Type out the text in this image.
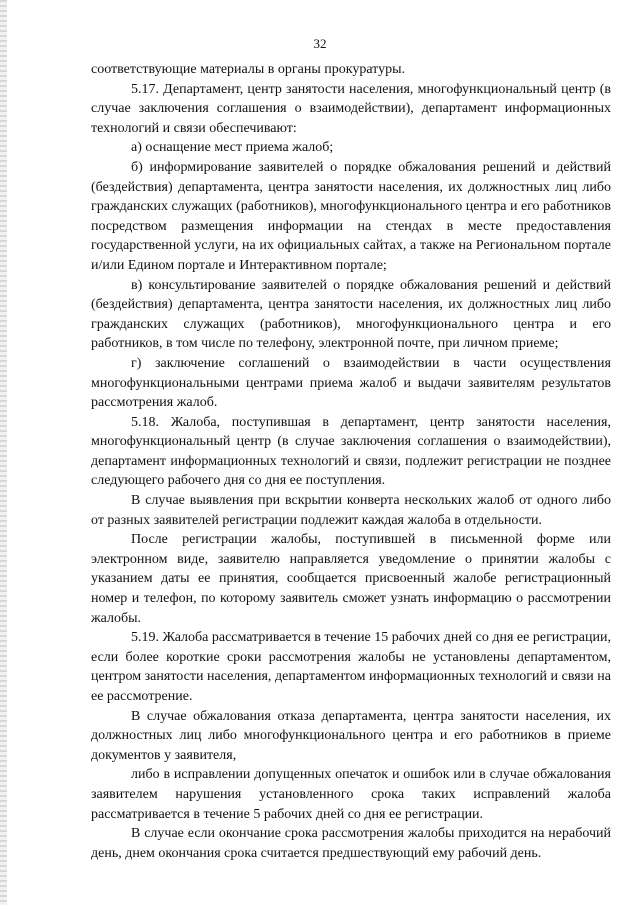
32

соответствующие материалы в органы прокуратуры.

5.17. Департамент, центр занятости населения, многофункциональный центр (в случае заключения соглашения о взаимодействии), департамент информационных технологий и связи обеспечивают:

а) оснащение мест приема жалоб;

б) информирование заявителей о порядке обжалования решений и действий (бездействия) департамента, центра занятости населения, их должностных лиц либо гражданских служащих (работников), многофункционального центра и его работников посредством размещения информации на стендах в месте предоставления государственной услуги, на их официальных сайтах, а также на Региональном портале и/или Едином портале и Интерактивном портале;

в) консультирование заявителей о порядке обжалования решений и действий (бездействия) департамента, центра занятости населения, их должностных лиц либо гражданских служащих (работников), многофункционального центра и его работников, в том числе по телефону, электронной почте, при личном приеме;

г) заключение соглашений о взаимодействии в части осуществления многофункциональными центрами приема жалоб и выдачи заявителям результатов рассмотрения жалоб.

5.18. Жалоба, поступившая в департамент, центр занятости населения, многофункциональный центр (в случае заключения соглашения о взаимодействии), департамент информационных технологий и связи, подлежит регистрации не позднее следующего рабочего дня со дня ее поступления.

В случае выявления при вскрытии конверта нескольких жалоб от одного либо от разных заявителей регистрации подлежит каждая жалоба в отдельности.

После регистрации жалобы, поступившей в письменной форме или электронном виде, заявителю направляется уведомление о принятии жалобы с указанием даты ее принятия, сообщается присвоенный жалобе регистрационный номер и телефон, по которому заявитель сможет узнать информацию о рассмотрении жалобы.

5.19. Жалоба рассматривается в течение 15 рабочих дней со дня ее регистрации, если более короткие сроки рассмотрения жалобы не установлены департаментом, центром занятости населения, департаментом информационных технологий и связи на ее рассмотрение.

В случае обжалования отказа департамента, центра занятости населения, их должностных лиц либо многофункционального центра и его работников в приеме документов у заявителя,

либо в исправлении допущенных опечаток и ошибок или в случае обжалования заявителем нарушения установленного срока таких исправлений жалоба рассматривается в течение 5 рабочих дней со дня ее регистрации.

В случае если окончание срока рассмотрения жалобы приходится на нерабочий день, днем окончания срока считается предшествующий ему рабочий день.
